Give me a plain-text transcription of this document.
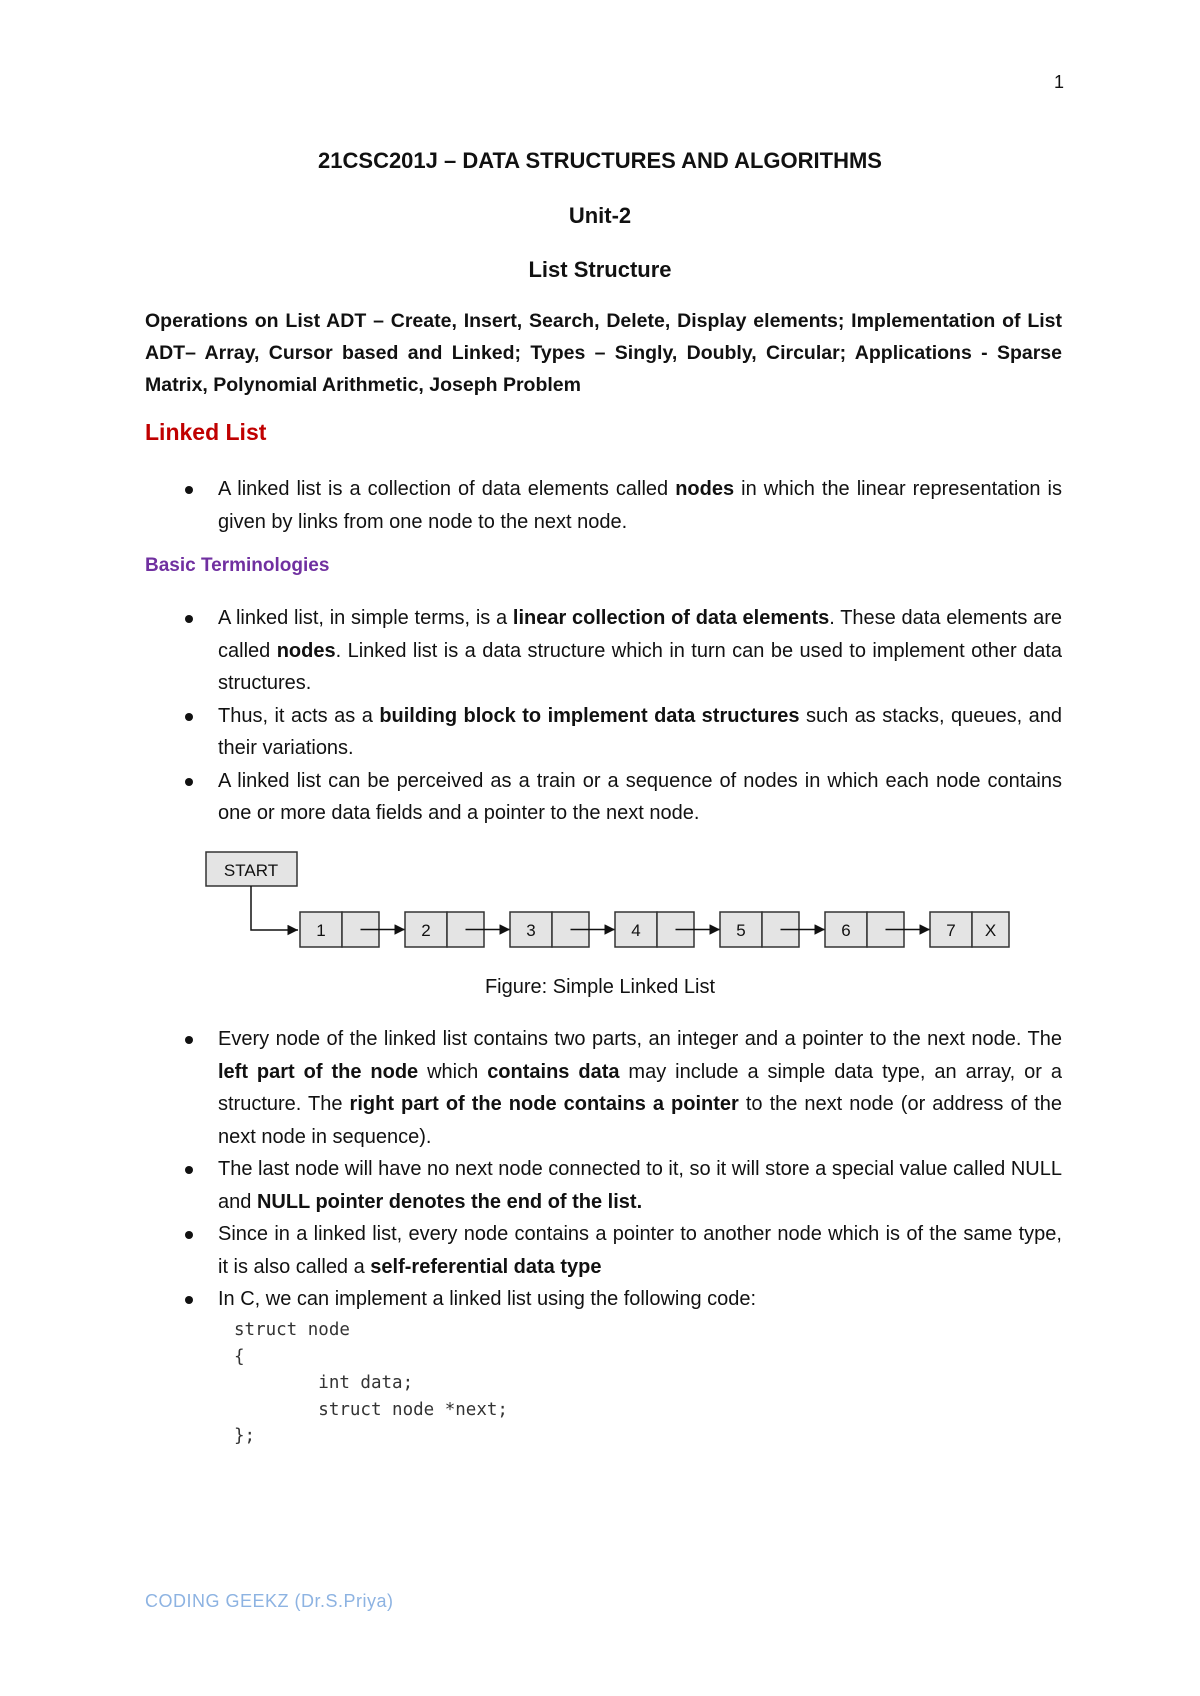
1
21CSC201J – DATA STRUCTURES AND ALGORITHMS
Unit-2
List Structure
Operations on List ADT – Create, Insert, Search, Delete, Display elements; Implementation of List ADT– Array, Cursor based and Linked; Types – Singly, Doubly, Circular; Applications - Sparse Matrix, Polynomial Arithmetic, Joseph Problem
Linked List
A linked list is a collection of data elements called nodes in which the linear representation is given by links from one node to the next node.
Basic Terminologies
A linked list, in simple terms, is a linear collection of data elements. These data elements are called nodes. Linked list is a data structure which in turn can be used to implement other data structures.
Thus, it acts as a building block to implement data structures such as stacks, queues, and their variations.
A linked list can be perceived as a train or a sequence of nodes in which each node contains one or more data fields and a pointer to the next node.
START
1	2	3	4	5	6	7 X
Figure: Simple Linked List
Every node of the linked list contains two parts, an integer and a pointer to the next node. The left part of the node which contains data may include a simple data type, an array, or a structure. The right part of the node contains a pointer to the next node (or address of the next node in sequence).
The last node will have no next node connected to it, so it will store a special value called NULL and NULL pointer denotes the end of the list.
Since in a linked list, every node contains a pointer to another node which is of the same type, it is also called a self-referential data type
In C, we can implement a linked list using the following code:
struct node
{
int data;
struct node *next;
};
CODING GEEKZ (Dr.S.Priya)
